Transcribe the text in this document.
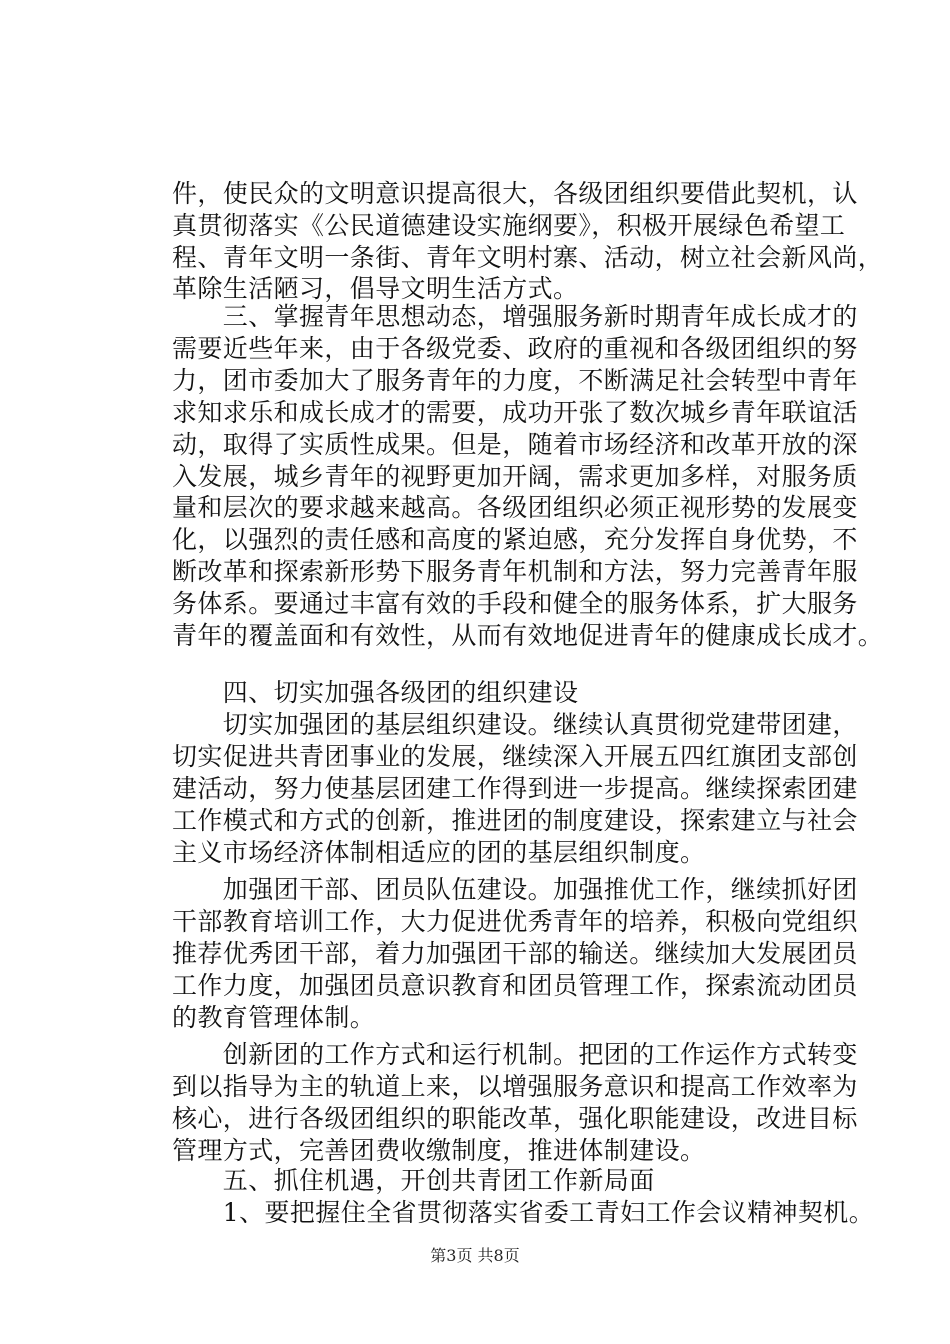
件，使民众的文明意识提高很大，各级团组织要借此契机，认
真贯彻落实《公民道德建设实施纲要》，积极开展绿色希望工
程、青年文明一条街、青年文明村寨、活动，树立社会新风尚，
革除生活陋习，倡导文明生活方式。
　　三、掌握青年思想动态，增强服务新时期青年成长成才的
需要近些年来，由于各级党委、政府的重视和各级团组织的努
力，团市委加大了服务青年的力度，不断满足社会转型中青年
求知求乐和成长成才的需要，成功开张了数次城乡青年联谊活
动，取得了实质性成果。但是，随着市场经济和改革开放的深
入发展，城乡青年的视野更加开阔，需求更加多样，对服务质
量和层次的要求越来越高。各级团组织必须正视形势的发展变
化，以强烈的责任感和高度的紧迫感，充分发挥自身优势，不
断改革和探索新形势下服务青年机制和方法，努力完善青年服
务体系。要通过丰富有效的手段和健全的服务体系，扩大服务
青年的覆盖面和有效性，从而有效地促进青年的健康成长成才。
　　四、切实加强各级团的组织建设
　　切实加强团的基层组织建设。继续认真贯彻党建带团建，
切实促进共青团事业的发展，继续深入开展五四红旗团支部创
建活动，努力使基层团建工作得到进一步提高。继续探索团建
工作模式和方式的创新，推进团的制度建设，探索建立与社会
主义市场经济体制相适应的团的基层组织制度。
　　加强团干部、团员队伍建设。加强推优工作，继续抓好团
干部教育培训工作，大力促进优秀青年的培养，积极向党组织
推荐优秀团干部，着力加强团干部的输送。继续加大发展团员
工作力度，加强团员意识教育和团员管理工作，探索流动团员
的教育管理体制。
　　创新团的工作方式和运行机制。把团的工作运作方式转变
到以指导为主的轨道上来，以增强服务意识和提高工作效率为
核心，进行各级团组织的职能改革，强化职能建设，改进目标
管理方式，完善团费收缴制度，推进体制建设。
　　五、抓住机遇，开创共青团工作新局面
　　1、要把握住全省贯彻落实省委工青妇工作会议精神契机。
第3页 共8页
